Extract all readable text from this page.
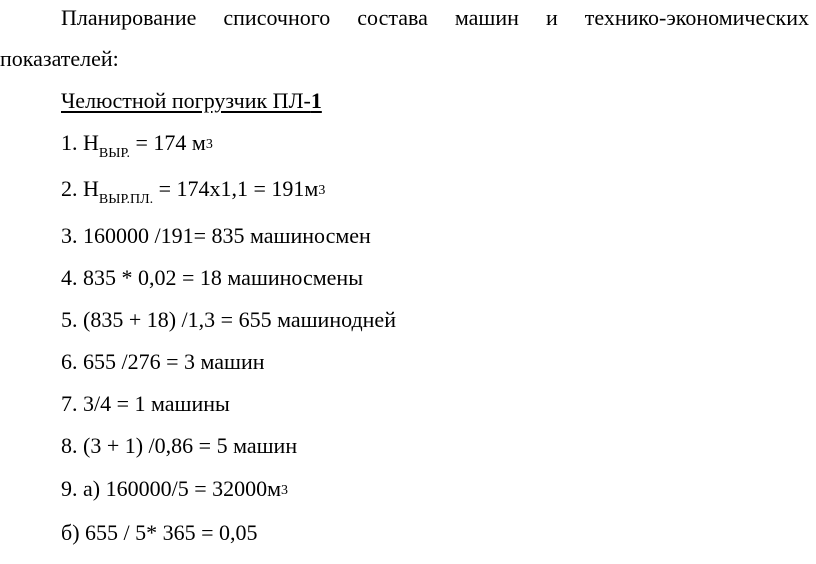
Планирование списочного состава машин и технико-экономических
показателей:
Челюстной погрузчик ПЛ-1
1. $Н_{ВЫР.} = 174$ м3
2. $Н_{ВЫР.ПЛ.} = 174х1,1 = 191м3$
3. 160000 /191= 835 машиносмен
4. 835 * 0,02 = 18 машиносмены
5. (835 + 18) /1,3 = 655 машинодней
6. 655 /276 = 3 машин
7. 3/4 = 1 машины
8. (3 + 1) /0,86 = 5 машин
9. а) 160000/5 = 32000м3
б) 655 / 5* 365 = 0,05
